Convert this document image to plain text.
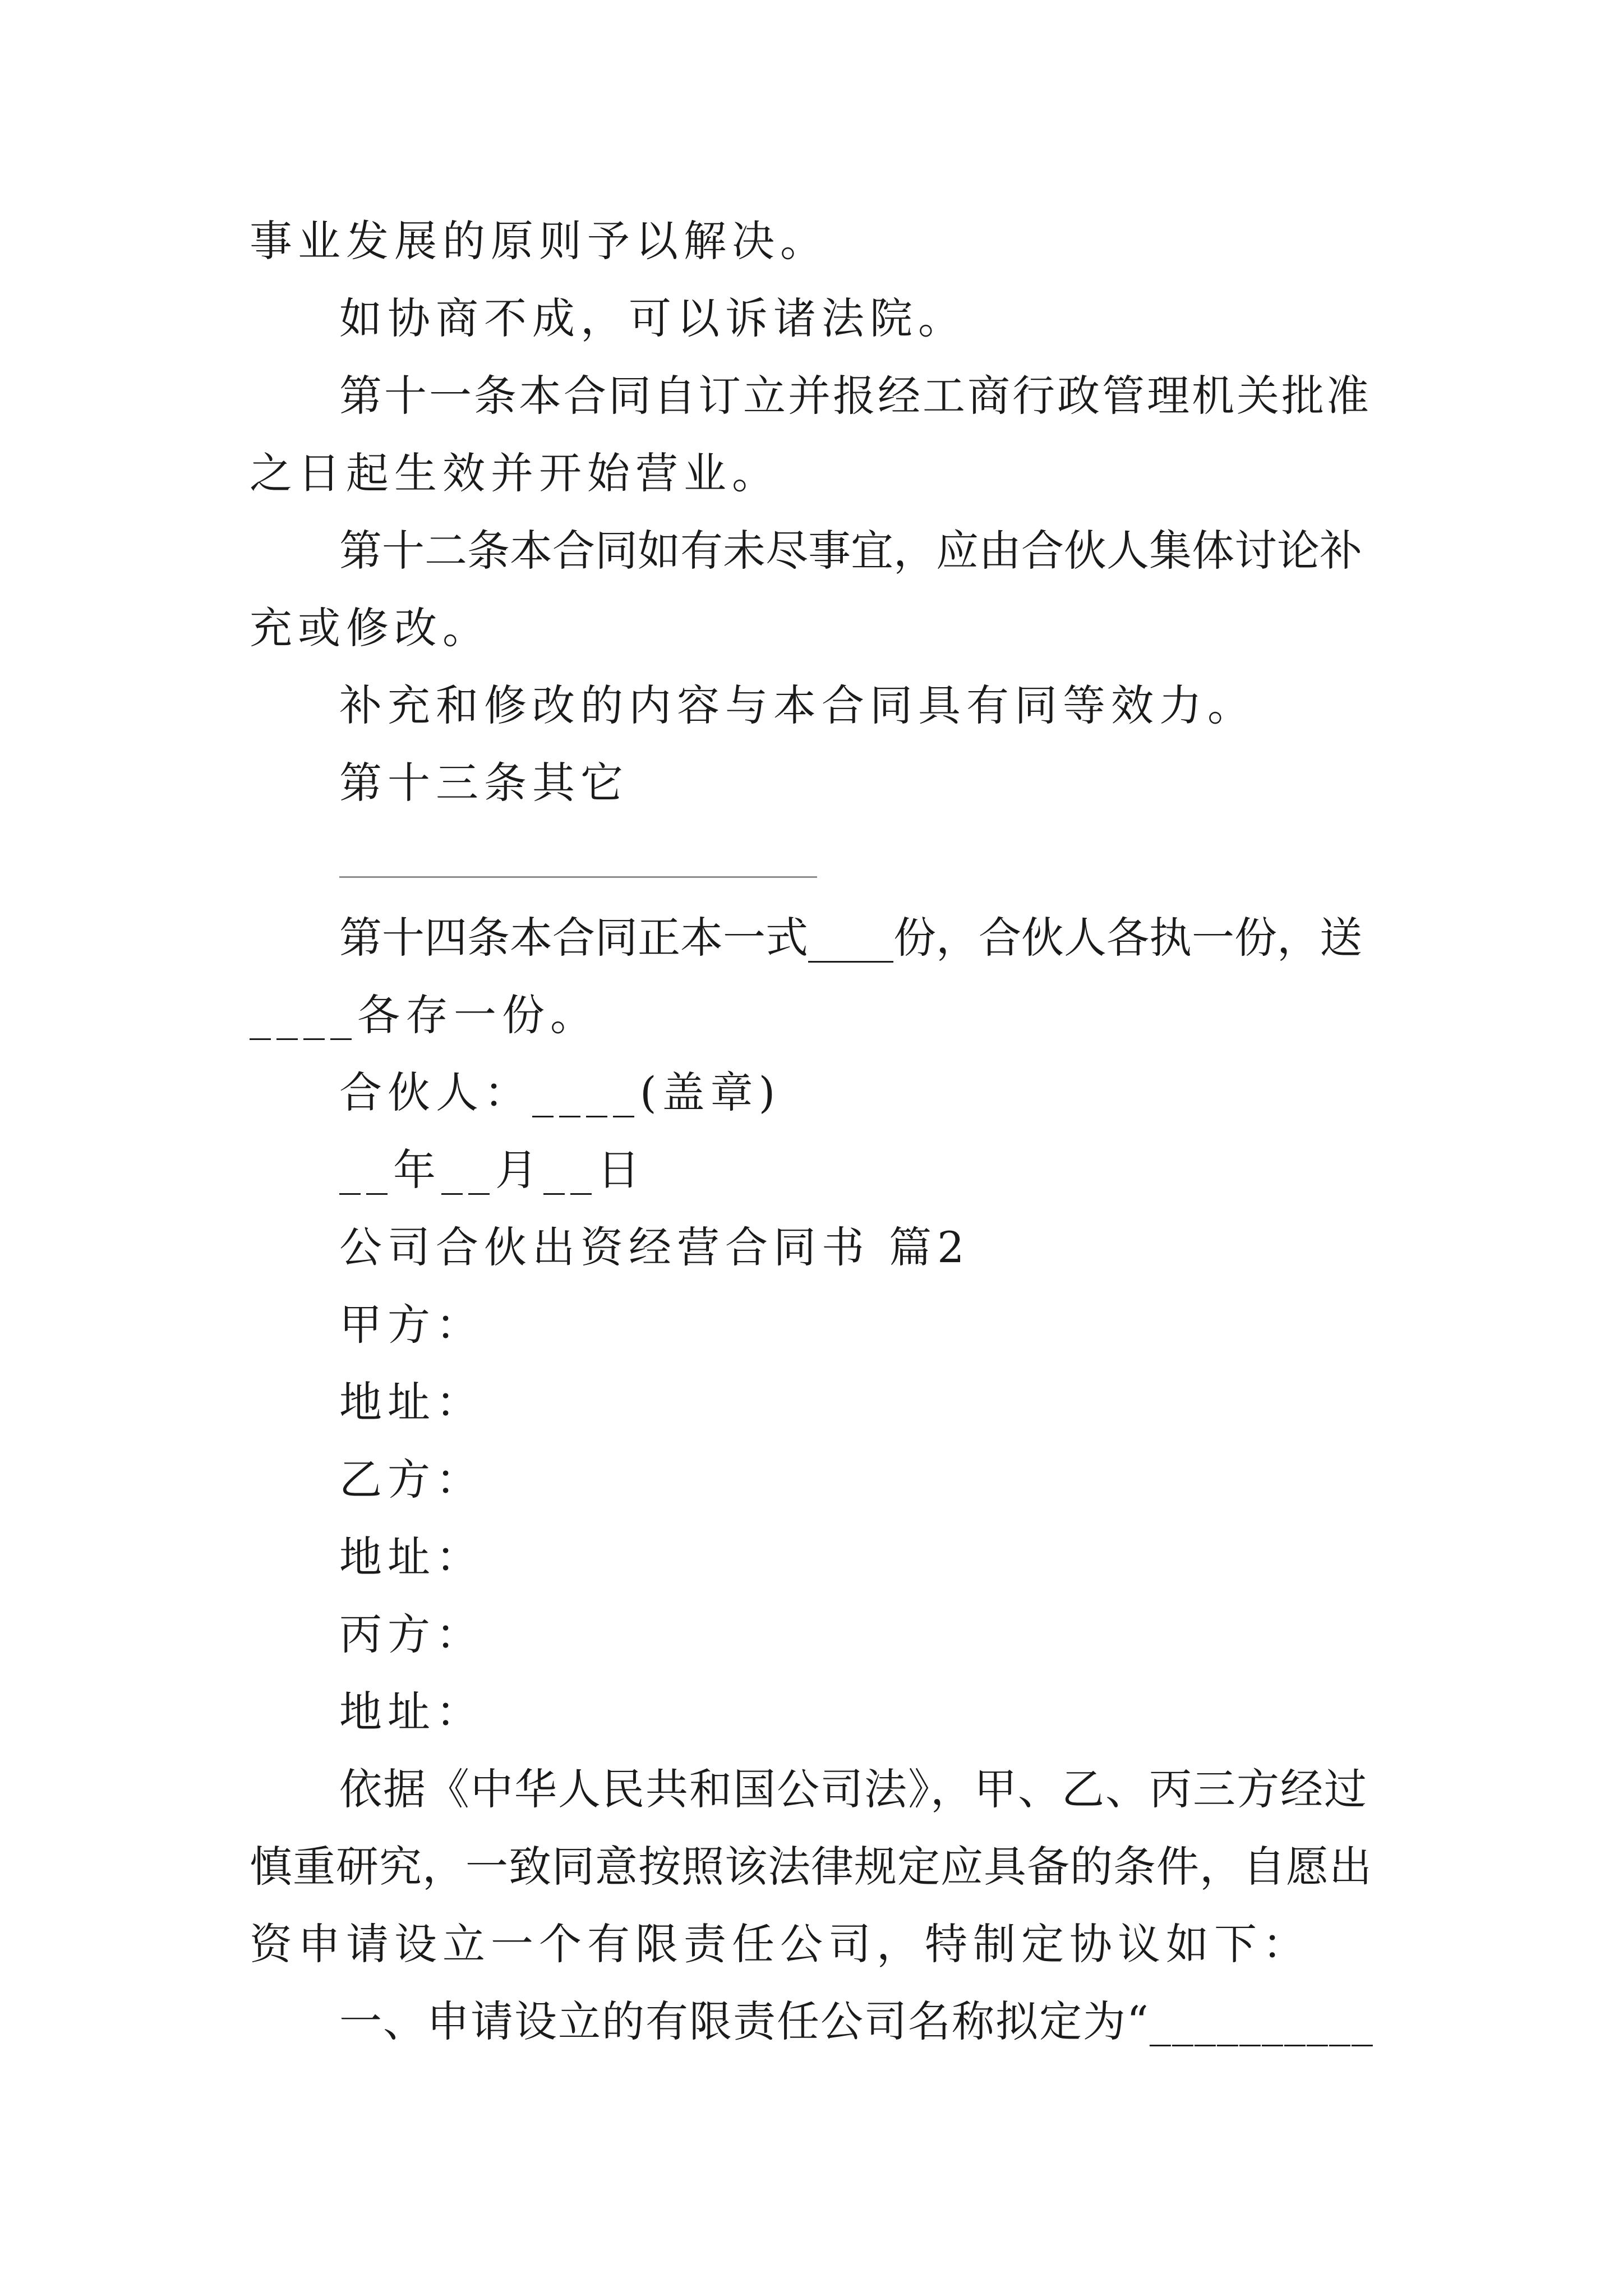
事业发展的原则予以解决。
如协商不成，可以诉诸法院。
第十一条本合同自订立并报经工商行政管理机关批准
之日起生效并开始营业。
第十二条本合同如有未尽事宜，应由合伙人集体讨论补
充或修改。
补充和修改的内容与本合同具有同等效力。
第十三条其它
第十四条本合同正本一式____份，合伙人各执一份，送
____各存一份。
合伙人：____(盖章)
__年__月__日
公司合伙出资经营合同书 篇2
甲方：
地址：
乙方：
地址：
丙方：
地址：
依据《中华人民共和国公司法》，甲、乙、丙三方经过
慎重研究，一致同意按照该法律规定应具备的条件，自愿出
资申请设立一个有限责任公司，特制定协议如下：
一、申请设立的有限责任公司名称拟定为“__________
